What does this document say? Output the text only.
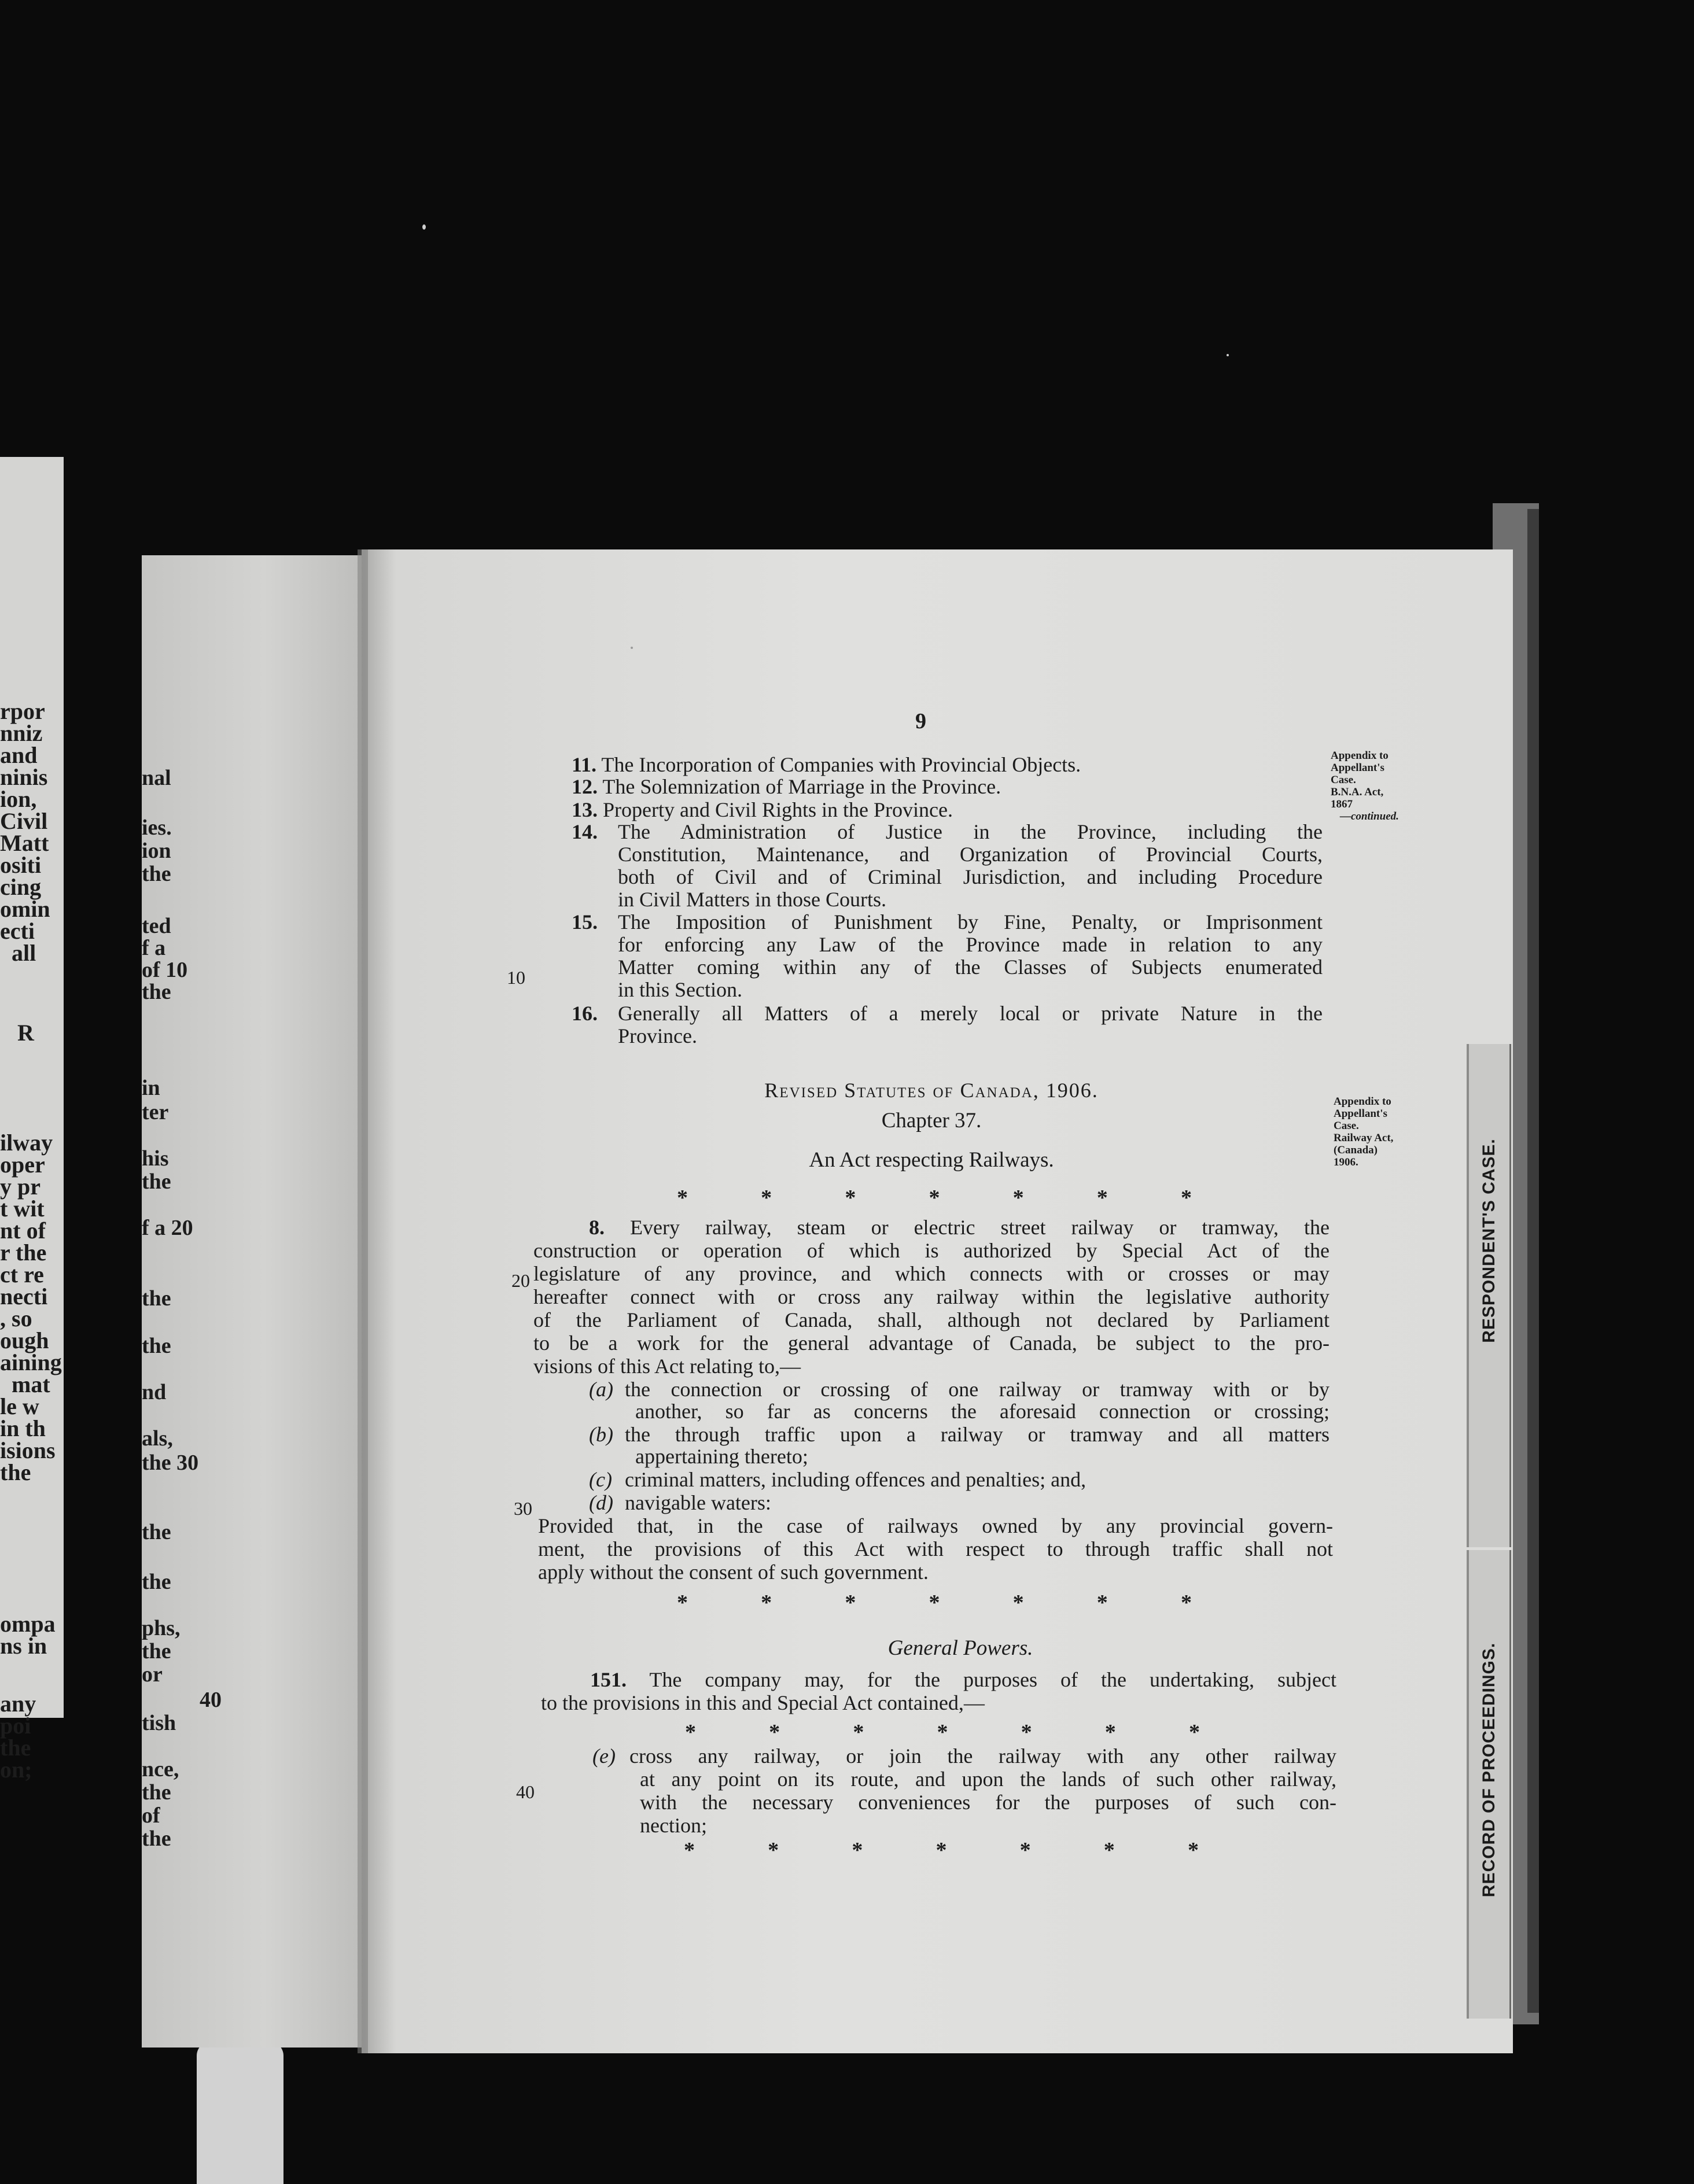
rpor
nniz
and
ninis
ion,
Civil
Matt
ositi
cing
omin
ecti
all
R
ilway
oper
y pr
t wit
nt of
r the
ct re
necti
, so
ough
aining
mat
le w
in th
isions
the
ompa
ns in
any
poi
the
on;
nal
ies.
ion
the
ted
f a
of 10
the
in
ter
his
the
f a 20
the
the
nd
als,
the 30
the
the
phs,
the
or
40
tish
nce,
the
of
the
RESPONDENT'S CASE.
RECORD OF PROCEEDINGS.
9
Appendix to
Appellant's
Case.
B.N.A. Act,
1867
—continued.
Appendix to
Appellant's
Case.
Railway Act,
(Canada)
1906.
10
20
30
40
11. The Incorporation of Companies with Provincial Objects.
12. The Solemnization of Marriage in the Province.
13. Property and Civil Rights in the Province.
14. The Administration of Justice in the Province, including the
Constitution, Maintenance, and Organization of Provincial Courts,
both of Civil and of Criminal Jurisdiction, and including Procedure
in Civil Matters in those Courts.
15. The Imposition of Punishment by Fine, Penalty, or Imprisonment
for enforcing any Law of the Province made in relation to any
Matter coming within any of the Classes of Subjects enumerated
in this Section.
16. Generally all Matters of a merely local or private Nature in the
Province.
Revised Statutes of Canada, 1906.
Chapter 37.
An Act respecting Railways.
*	*	*	*	*	*	*
8. Every railway, steam or electric street railway or tramway, the
construction or operation of which is authorized by Special Act of the
legislature of any province, and which connects with or crosses or may
hereafter connect with or cross any railway within the legislative authority
of the Parliament of Canada, shall, although not declared by Parliament
to be a work for the general advantage of Canada, be subject to the pro-
visions of this Act relating to,—
(a) the connection or crossing of one railway or tramway with or by
another, so far as concerns the aforesaid connection or crossing;
(b) the through traffic upon a railway or tramway and all matters
appertaining thereto;
(c) criminal matters, including offences and penalties; and,
(d) navigable waters:
Provided that, in the case of railways owned by any provincial govern-
ment, the provisions of this Act with respect to through traffic shall not
apply without the consent of such government.
*	*	*	*	*	*	*
General Powers.
151. The company may, for the purposes of the undertaking, subject
to the provisions in this and Special Act contained,—
*	*	*	*	*	*	*
(e) cross any railway, or join the railway with any other railway
at any point on its route, and upon the lands of such other railway,
with the necessary conveniences for the purposes of such con-
nection;
*	*	*	*	*	*	*
